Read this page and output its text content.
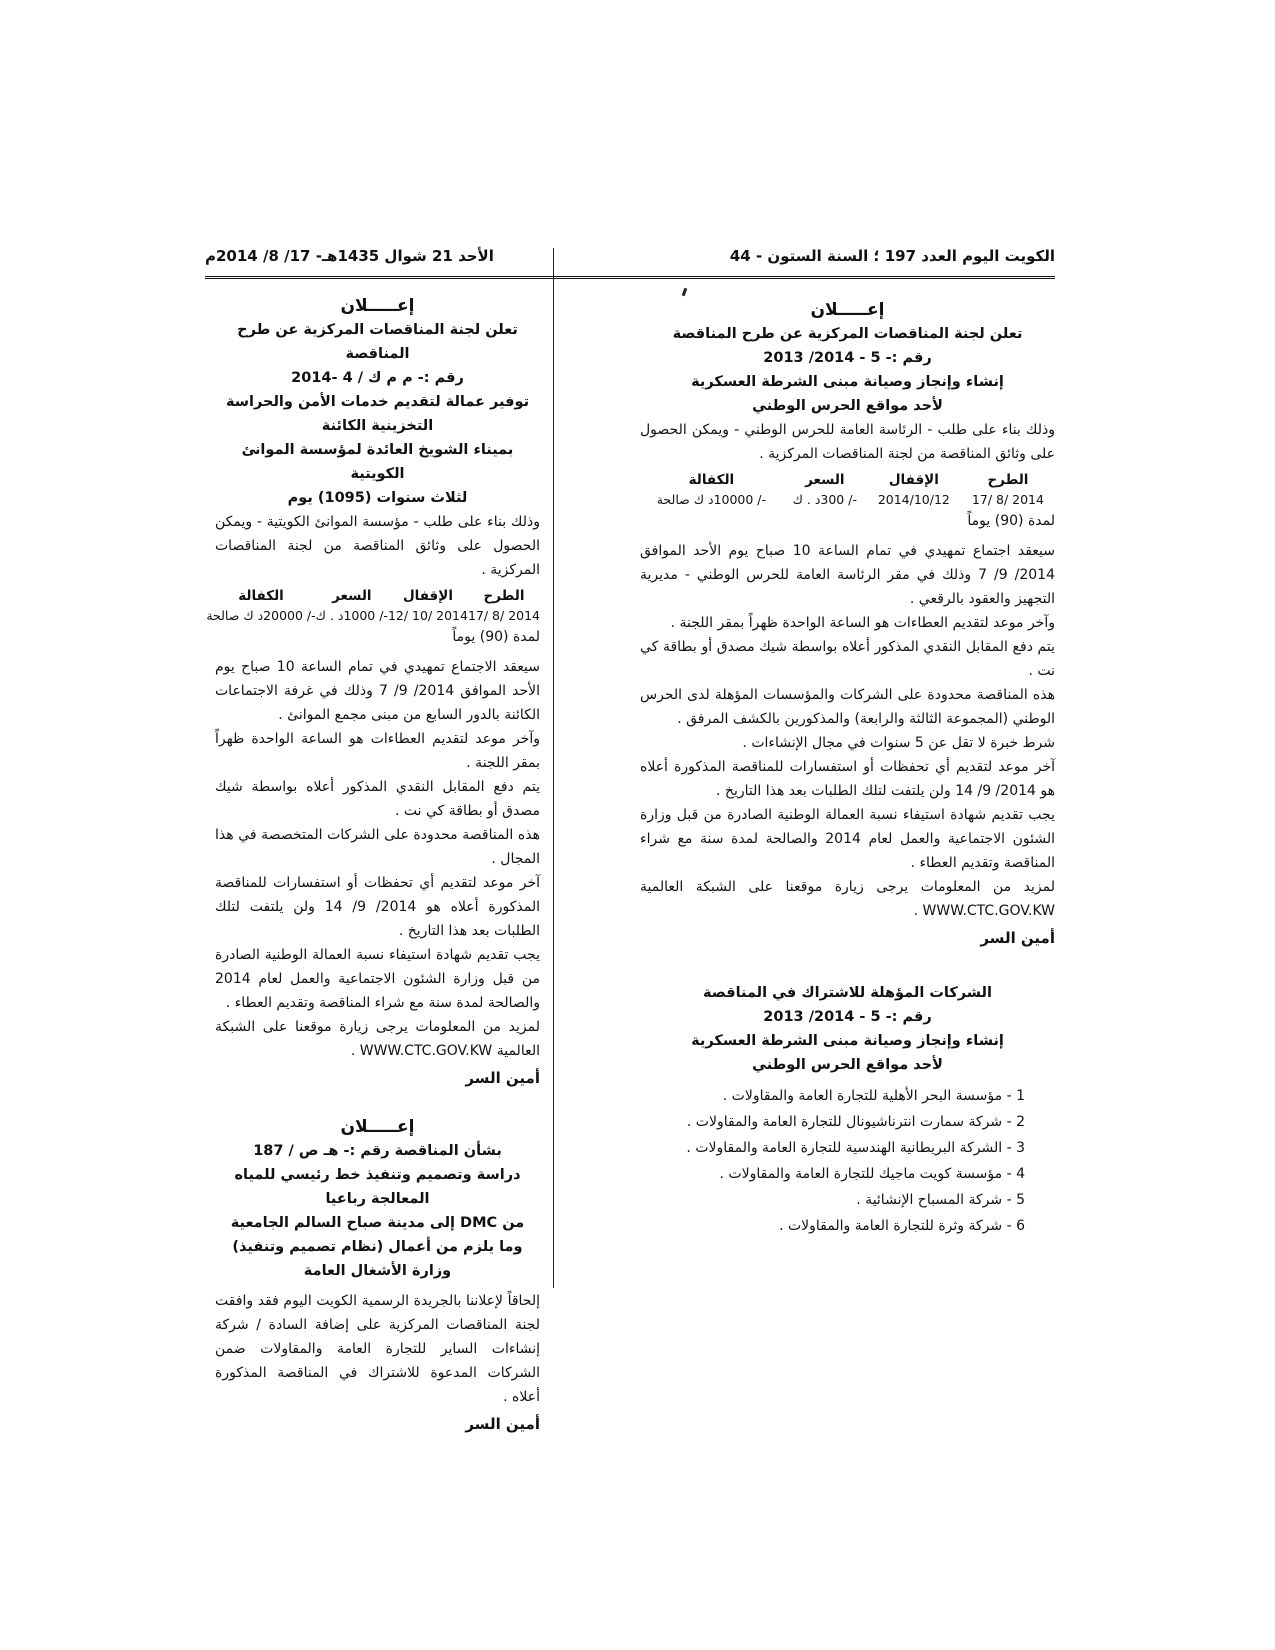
الكويت اليوم العدد 197 ؛ السنة الستون - 44
الأحد 21 شوال 1435هـ- 17/ 8/ 2014م

إعـــــلان

تعلن لجنة المناقصات المركزية عن طرح المناقصة

رقم :- 5 - 2014/ 2013

إنشاء وإنجاز وصيانة مبنى الشرطة العسكرية

لأحد مواقع الحرس الوطني

وذلك بناء على طلب - الرئاسة العامة للحرس الوطني - ويمكن الحصول على وثائق المناقصة من لجنة المناقصات المركزية .

الطرح	الإقفال	السعر	الكفالة
2014 /8 /17	2014/10/12	-/ 300د . ك	-/ 10000د ك صالحة

لمدة (90) يوماً

سيعقد اجتماع تمهيدي في تمام الساعة 10 صباح يوم الأحد الموافق 2014/ 9/ 7 وذلك في مقر الرئاسة العامة للحرس الوطني - مديرية التجهيز والعقود بالرقعي .

وآخر موعد لتقديم العطاءات هو الساعة الواحدة ظهراً بمقر اللجنة .

يتم دفع المقابل النقدي المذكور أعلاه بواسطة شيك مصدق أو بطاقة كي نت .

هذه المناقصة محدودة على الشركات والمؤسسات المؤهلة لدى الحرس الوطني (المجموعة الثالثة والرابعة) والمذكورين بالكشف المرفق .

شرط خبرة لا تقل عن 5 سنوات في مجال الإنشاءات .

آخر موعد لتقديم أي تحفظات أو استفسارات للمناقصة المذكورة أعلاه هو 2014/ 9/ 14 ولن يلتفت لتلك الطلبات بعد هذا التاريخ .

يجب تقديم شهادة استيفاء نسبة العمالة الوطنية الصادرة من قبل وزارة الشئون الاجتماعية والعمل لعام 2014 والصالحة لمدة سنة مع شراء المناقصة وتقديم العطاء .

لمزيد من المعلومات يرجى زيارة موقعنا على الشبكة العالمية WWW.CTC.GOV.KW .

أمين السر

الشركات المؤهلة للاشتراك في المناقصة

رقم :- 5 - 2014/ 2013

إنشاء وإنجاز وصيانة مبنى الشرطة العسكرية

لأحد مواقع الحرس الوطني

1 - مؤسسة البحر الأهلية للتجارة العامة والمقاولات .
2 - شركة سمارت انترناشيونال للتجارة العامة والمقاولات .
3 - الشركة البريطانية الهندسية للتجارة العامة والمقاولات .
4 - مؤسسة كويت ماجيك للتجارة العامة والمقاولات .
5 - شركة المسباح الإنشائية .
6 - شركة وثرة للتجارة العامة والمقاولات .

إعـــــلان

تعلن لجنة المناقصات المركزية عن طرح المناقصة

رقم :- م م ك / 4 -2014

توفير عمالة لتقديم خدمات الأمن والحراسة التخزينية الكائنة

بميناء الشويخ العائدة لمؤسسة الموانئ الكويتية

لثلاث سنوات (1095) يوم

وذلك بناء على طلب - مؤسسة الموانئ الكويتية - ويمكن الحصول على وثائق المناقصة من لجنة المناقصات المركزية .

الطرح	الإقفال	السعر	الكفالة
2014 /8 /17	2014 /10 /12	-/ 1000د . ك	-/ 20000د ك صالحة

لمدة (90) يوماً

سيعقد الاجتماع تمهيدي في تمام الساعة 10 صباح يوم الأحد الموافق 2014/ 9/ 7 وذلك في غرفة الاجتماعات الكائنة بالدور السابع من مبنى مجمع الموانئ .

وآخر موعد لتقديم العطاءات هو الساعة الواحدة ظهراً بمقر اللجنة .

يتم دفع المقابل النقدي المذكور أعلاه بواسطة شيك مصدق أو بطاقة كي نت .

هذه المناقصة محدودة على الشركات المتخصصة في هذا المجال .

آخر موعد لتقديم أي تحفظات أو استفسارات للمناقصة المذكورة أعلاه هو 2014/ 9/ 14 ولن يلتفت لتلك الطلبات بعد هذا التاريخ .

يجب تقديم شهادة استيفاء نسبة العمالة الوطنية الصادرة من قبل وزارة الشئون الاجتماعية والعمل لعام 2014 والصالحة لمدة سنة مع شراء المناقصة وتقديم العطاء .

لمزيد من المعلومات يرجى زيارة موقعنا على الشبكة العالمية WWW.CTC.GOV.KW .

أمين السر

إعـــــلان

بشأن المناقصة رقم :- هـ ص / 187

دراسة وتصميم وتنفيذ خط رئيسي للمياه المعالجة رباعيا

من DMC إلى مدينة صباح السالم الجامعية

وما يلزم من أعمال (نظام تصميم وتنفيذ)

وزارة الأشغال العامة

إلحاقاً لإعلاننا بالجريدة الرسمية الكويت اليوم فقد وافقت لجنة المناقصات المركزية على إضافة السادة / شركة إنشاءات الساير للتجارة العامة والمقاولات ضمن الشركات المدعوة للاشتراك في المناقصة المذكورة أعلاه .

أمين السر
